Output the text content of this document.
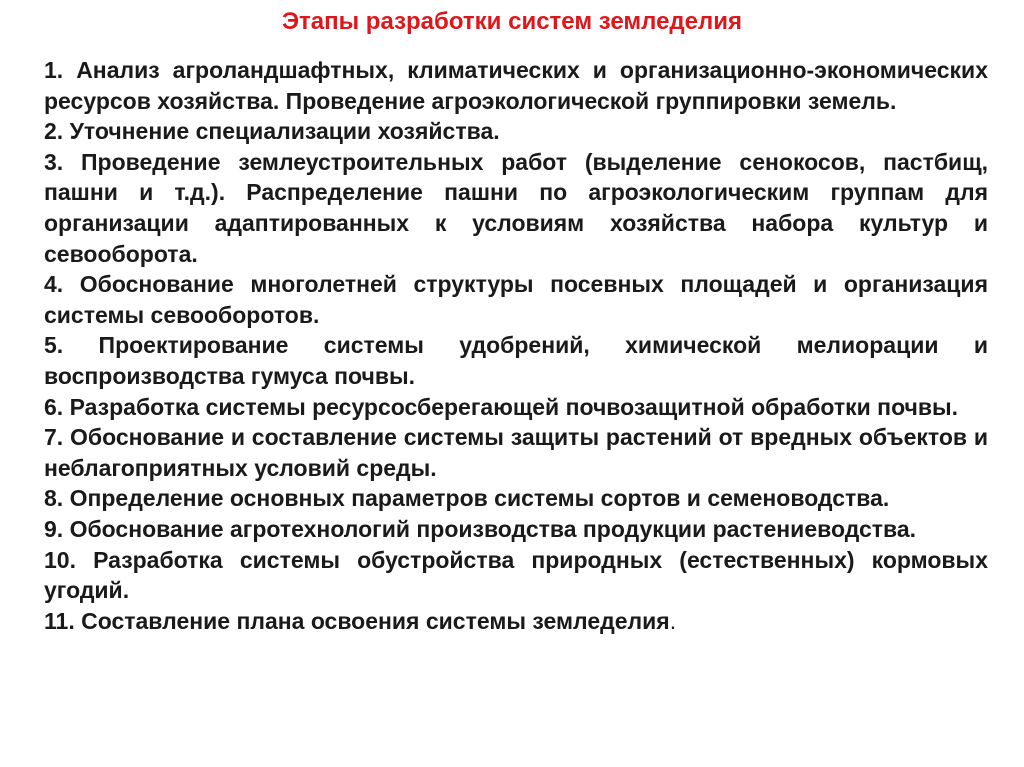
Этапы разработки систем земледелия
1. Анализ агроландшафтных, климатических и организационно-экономических ресурсов хозяйства. Проведение агроэкологической группировки земель.
2. Уточнение специализации хозяйства.
3. Проведение землеустроительных работ (выделение сенокосов, пастбищ, пашни и т.д.). Распределение пашни по агроэкологическим группам для организации адаптированных к условиям хозяйства набора культур и севооборота.
4. Обоснование многолетней структуры посевных площадей и организация системы севооборотов.
5. Проектирование системы удобрений, химической мелиорации и воспроизводства гумуса почвы.
6. Разработка системы ресурсосберегающей почвозащитной обработки почвы.
7. Обоснование и составление системы защиты растений от вредных объектов и неблагоприятных условий среды.
8. Определение основных параметров системы сортов и семеноводства.
9. Обоснование агротехнологий производства продукции растениеводства.
10. Разработка системы обустройства природных (естественных) кормовых угодий.
11. Составление плана освоения системы земледелия.
